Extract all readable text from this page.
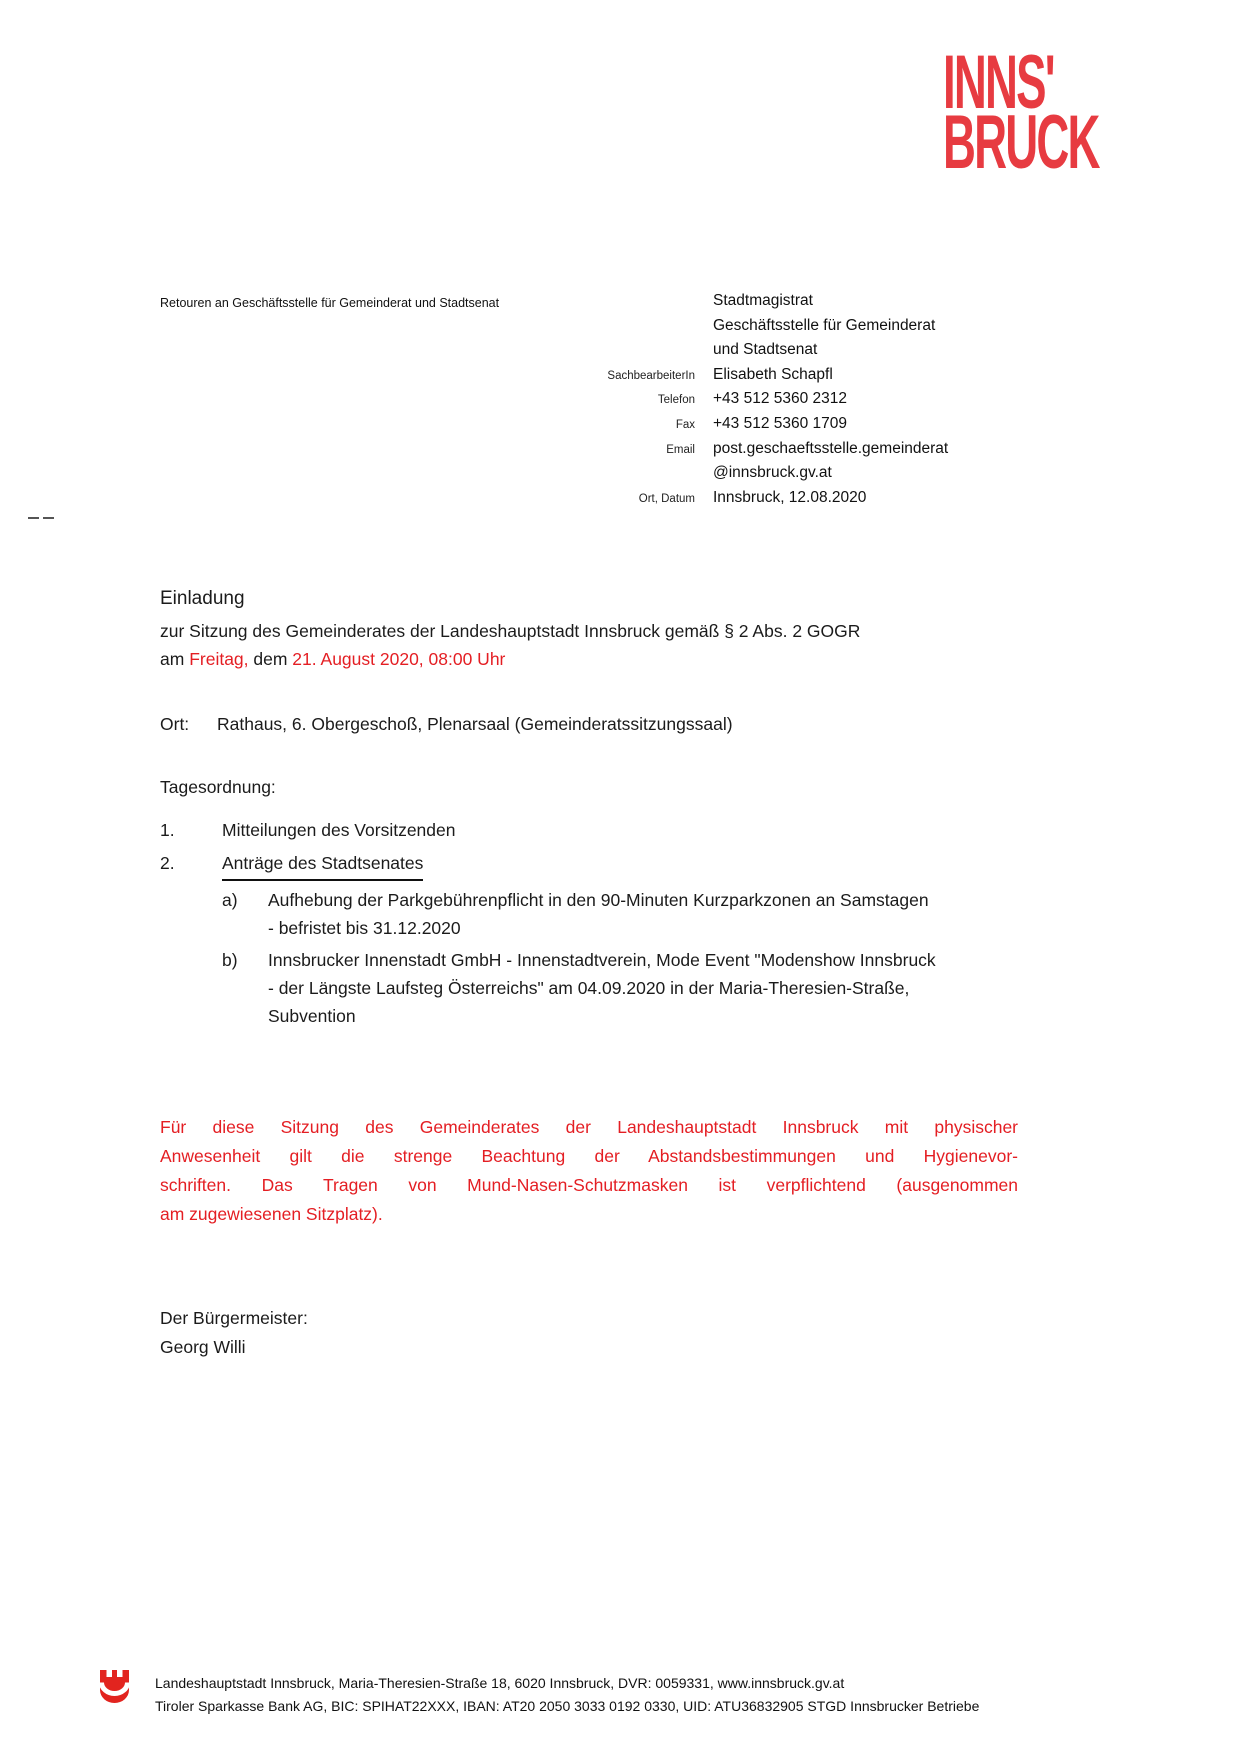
INNS'
BRUCK
Retouren an Geschäftsstelle für Gemeinderat und Stadtsenat	Stadtmagistrat
Geschäftsstelle für Gemeinderat
und Stadtsenat
SachbearbeiterIn	Elisabeth Schapfl
Telefon	+43 512 5360 2312
Fax	+43 512 5360 1709
Email	post.geschaeftsstelle.gemeinderat
@innsbruck.gv.at
Ort, Datum	Innsbruck, 12.08.2020
Einladung
zur Sitzung des Gemeinderates der Landeshauptstadt Innsbruck gemäß § 2 Abs. 2 GOGR
am Freitag, dem 21. August 2020, 08:00 Uhr
Ort:	Rathaus, 6. Obergeschoß, Plenarsaal (Gemeinderatssitzungssaal)
Tagesordnung:
1.	Mitteilungen des Vorsitzenden
2.	Anträge des Stadtsenates
a)	Aufhebung der Parkgebührenpflicht in den 90-Minuten Kurzparkzonen an Samstagen
- befristet bis 31.12.2020
b)	Innsbrucker Innenstadt GmbH - Innenstadtverein, Mode Event "Modenshow Innsbruck
- der Längste Laufsteg Österreichs" am 04.09.2020 in der Maria-Theresien-Straße,
Subvention
Für diese Sitzung des Gemeinderates der Landeshauptstadt Innsbruck mit physischer
Anwesenheit gilt die strenge Beachtung der Abstandsbestimmungen und Hygienevor-
schriften. Das Tragen von Mund-Nasen-Schutzmasken ist verpflichtend (ausgenommen
am zugewiesenen Sitzplatz).
Der Bürgermeister:
Georg Willi
Landeshauptstadt Innsbruck, Maria-Theresien-Straße 18, 6020 Innsbruck, DVR: 0059331, www.innsbruck.gv.at
Tiroler Sparkasse Bank AG, BIC: SPIHAT22XXX, IBAN: AT20 2050 3033 0192 0330, UID: ATU36832905 STGD Innsbrucker Betriebe
